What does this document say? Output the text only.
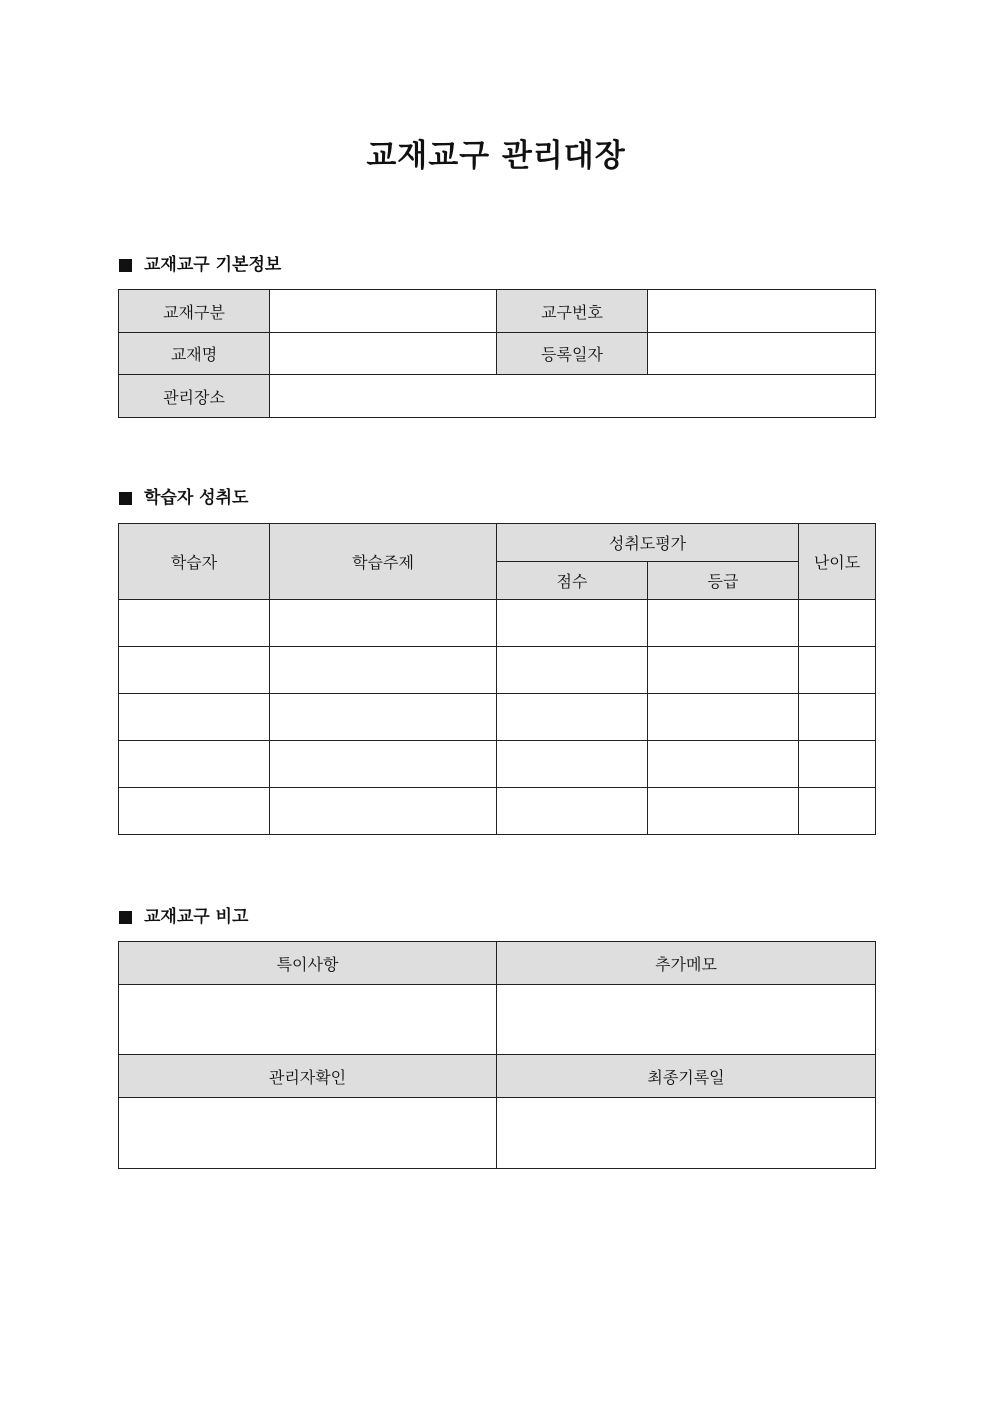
교재교구 관리대장
교재교구 기본정보
교재구분		교구번호	
교재명		등록일자	
관리장소			
학습자 성취도
학습자	학습주제	성취도평가		난이도
		점수	등급	

교재교구 비고
특이사항	추가메모

관리자확인	최종기록일
